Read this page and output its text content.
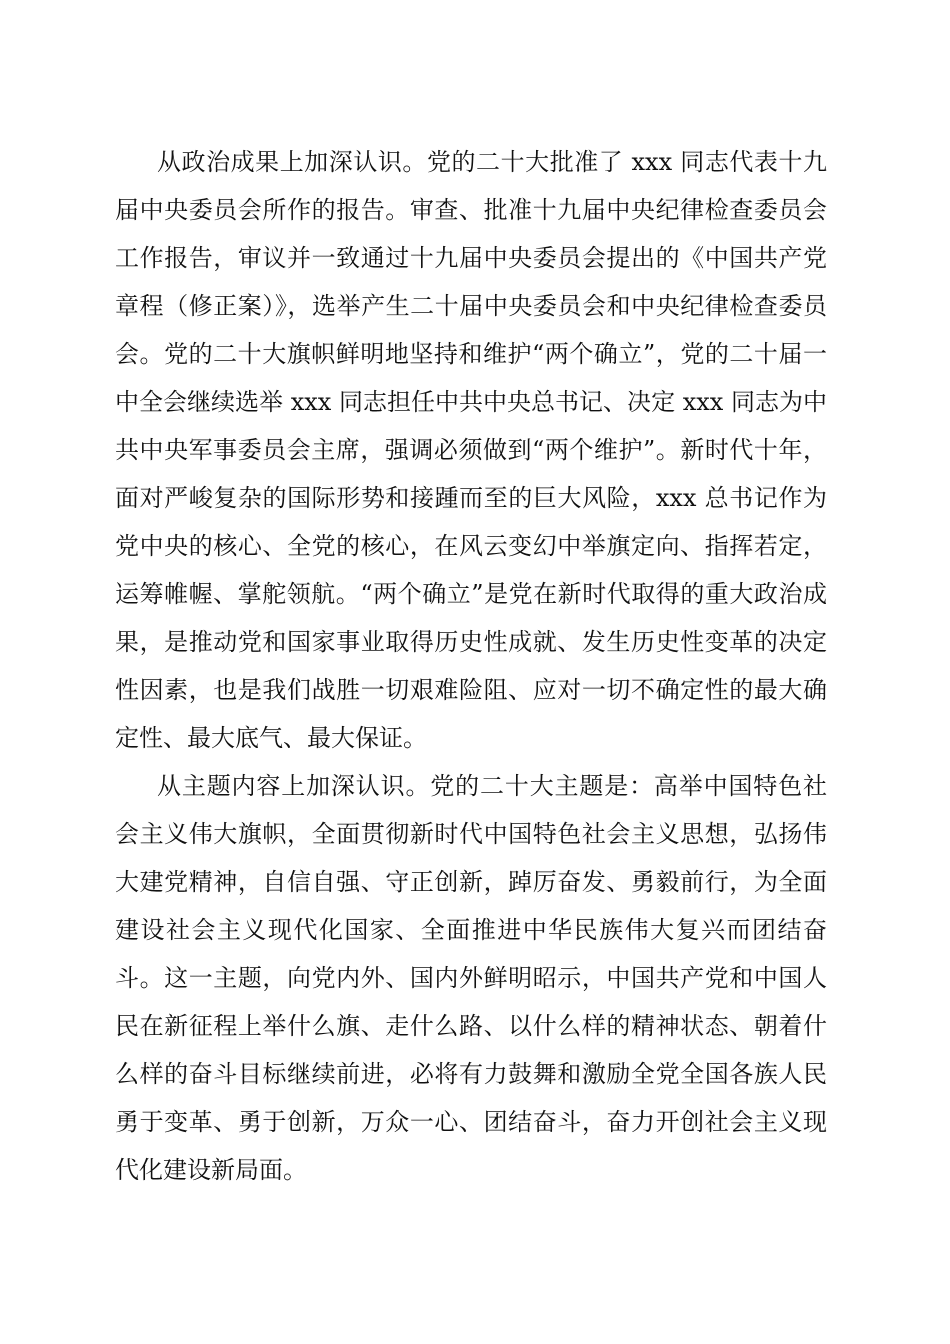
从政治成果上加深认识。党的二十大批准了 xxx 同志代表十九届中央委员会所作的报告。审查、批准十九届中央纪律检查委员会工作报告，审议并一致通过十九届中央委员会提出的《中国共产党章程（修正案）》，选举产生二十届中央委员会和中央纪律检查委员会。党的二十大旗帜鲜明地坚持和维护“两个确立”，党的二十届一中全会继续选举 xxx 同志担任中共中央总书记、决定 xxx 同志为中共中央军事委员会主席，强调必须做到“两个维护”。新时代十年，面对严峻复杂的国际形势和接踵而至的巨大风险，xxx 总书记作为党中央的核心、全党的核心，在风云变幻中举旗定向、指挥若定，运筹帷幄、掌舵领航。“两个确立”是党在新时代取得的重大政治成果，是推动党和国家事业取得历史性成就、发生历史性变革的决定性因素，也是我们战胜一切艰难险阻、应对一切不确定性的最大确定性、最大底气、最大保证。

从主题内容上加深认识。党的二十大主题是：高举中国特色社会主义伟大旗帜，全面贯彻新时代中国特色社会主义思想，弘扬伟大建党精神，自信自强、守正创新，踔厉奋发、勇毅前行，为全面建设社会主义现代化国家、全面推进中华民族伟大复兴而团结奋斗。这一主题，向党内外、国内外鲜明昭示，中国共产党和中国人民在新征程上举什么旗、走什么路、以什么样的精神状态、朝着什么样的奋斗目标继续前进，必将有力鼓舞和激励全党全国各族人民勇于变革、勇于创新，万众一心、团结奋斗，奋力开创社会主义现代化建设新局面。
